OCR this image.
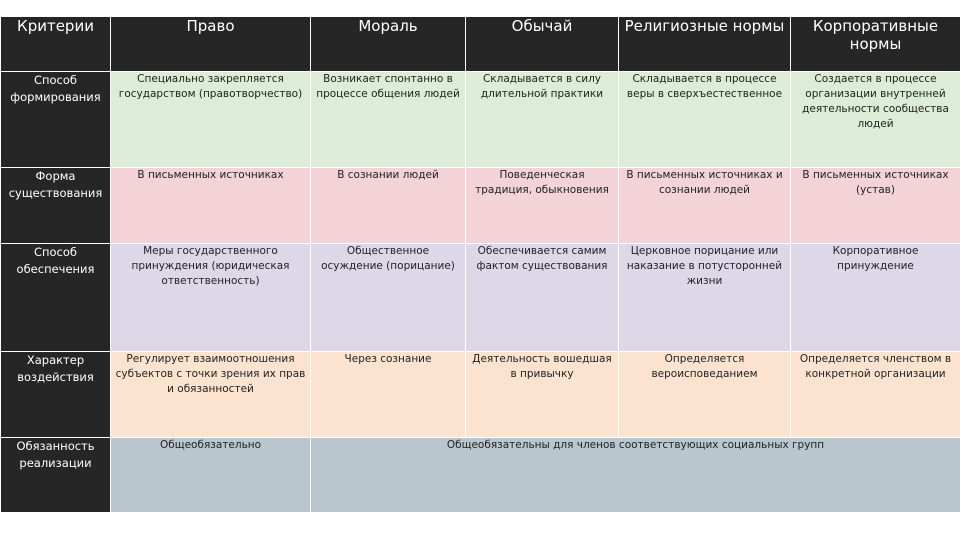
Критерии	Право	Мораль	Обычай	Религиозные нормы	Корпоративные нормы
Способ формирования	Специально закрепляется государством (правотворчество)	Возникает спонтанно в процессе общения людей	Складывается в силу длительной практики	Складывается в процессе веры в сверхъестественное	Создается в процессе организации внутренней деятельности сообщества людей
Форма существования	В письменных источниках	В сознании людей	Поведенческая традиция, обыкновения	В письменных источниках и сознании людей	В письменных источниках (устав)
Способ обеспечения	Меры государственного принуждения (юридическая ответственность)	Общественное осуждение (порицание)	Обеспечивается самим фактом существования	Церковное порицание или наказание в потусторонней жизни	Корпоративное принуждение
Характер воздействия	Регулирует взаимоотношения субъектов с точки зрения их прав и обязанностей	Через сознание	Деятельность вошедшая в привычку	Определяется вероисповеданием	Определяется членством в конкретной организации
Обязанность реализации	Общеобязательно	Общеобязательны для членов соответствующих социальных групп			
